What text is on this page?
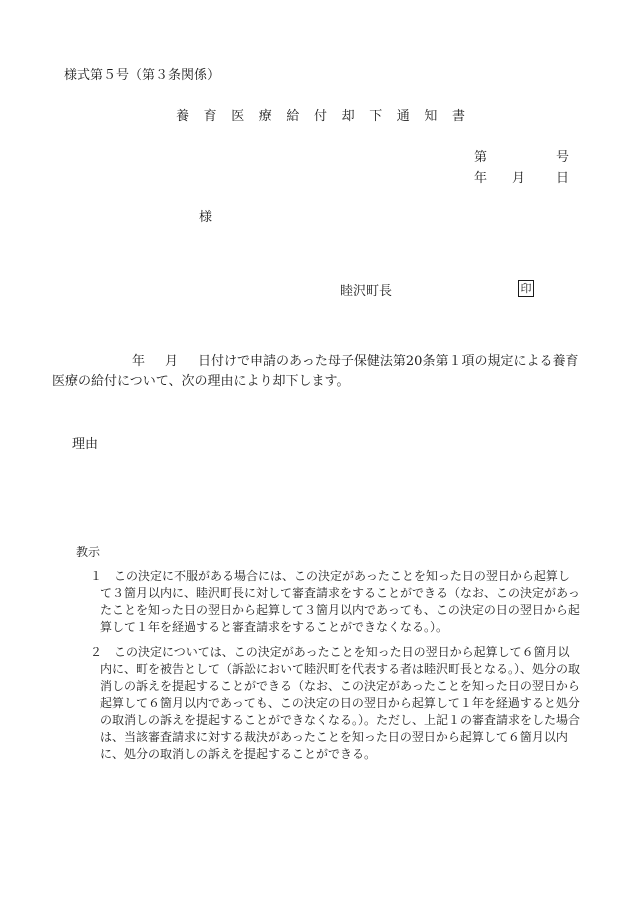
様式第５号（第３条関係）
養育医療給付却下通知書
第	号
年 月 日
様
睦沢町長	印
年 月 日付けで申請のあった母子保健法第20条第１項の規定による養育医療の給付について、次の理由により却下します。
理由
教示
１ この決定に不服がある場合には、この決定があったことを知った日の翌日から起算して３箇月以内に、睦沢町長に対して審査請求をすることができる（なお、この決定があったことを知った日の翌日から起算して３箇月以内であっても、この決定の日の翌日から起算して１年を経過すると審査請求をすることができなくなる。）。
２ この決定については、この決定があったことを知った日の翌日から起算して６箇月以内に、町を被告として（訴訟において睦沢町を代表する者は睦沢町長となる。）、処分の取消しの訴えを提起することができる（なお、この決定があったことを知った日の翌日から起算して６箇月以内であっても、この決定の日の翌日から起算して１年を経過すると処分の取消しの訴えを提起することができなくなる。）。ただし、上記１の審査請求をした場合は、当該審査請求に対する裁決があったことを知った日の翌日から起算して６箇月以内に、処分の取消しの訴えを提起することができる。
